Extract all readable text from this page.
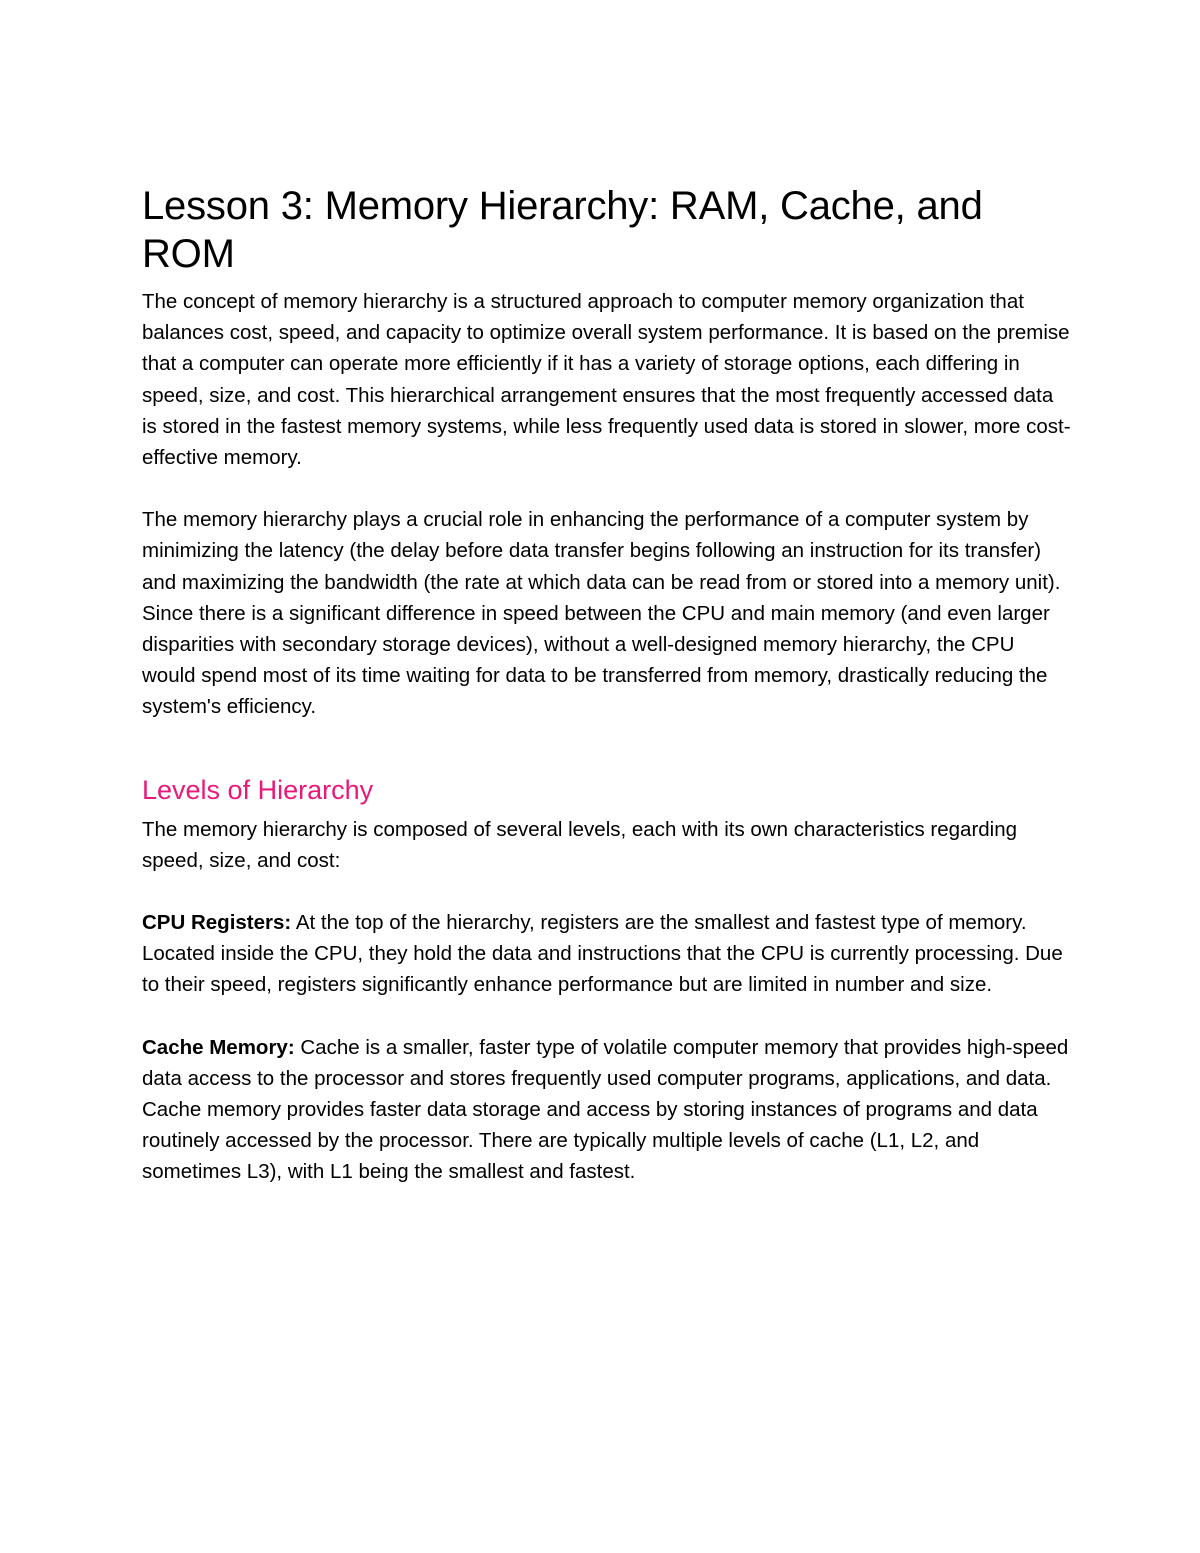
Lesson 3: Memory Hierarchy: RAM, Cache, and ROM

The concept of memory hierarchy is a structured approach to computer memory organization that balances cost, speed, and capacity to optimize overall system performance. It is based on the premise that a computer can operate more efficiently if it has a variety of storage options, each differing in speed, size, and cost. This hierarchical arrangement ensures that the most frequently accessed data is stored in the fastest memory systems, while less frequently used data is stored in slower, more cost-effective memory.

The memory hierarchy plays a crucial role in enhancing the performance of a computer system by minimizing the latency (the delay before data transfer begins following an instruction for its transfer) and maximizing the bandwidth (the rate at which data can be read from or stored into a memory unit). Since there is a significant difference in speed between the CPU and main memory (and even larger disparities with secondary storage devices), without a well-designed memory hierarchy, the CPU would spend most of its time waiting for data to be transferred from memory, drastically reducing the system's efficiency.

Levels of Hierarchy

The memory hierarchy is composed of several levels, each with its own characteristics regarding speed, size, and cost:

CPU Registers: At the top of the hierarchy, registers are the smallest and fastest type of memory. Located inside the CPU, they hold the data and instructions that the CPU is currently processing. Due to their speed, registers significantly enhance performance but are limited in number and size.

Cache Memory: Cache is a smaller, faster type of volatile computer memory that provides high-speed data access to the processor and stores frequently used computer programs, applications, and data. Cache memory provides faster data storage and access by storing instances of programs and data routinely accessed by the processor. There are typically multiple levels of cache (L1, L2, and sometimes L3), with L1 being the smallest and fastest.
